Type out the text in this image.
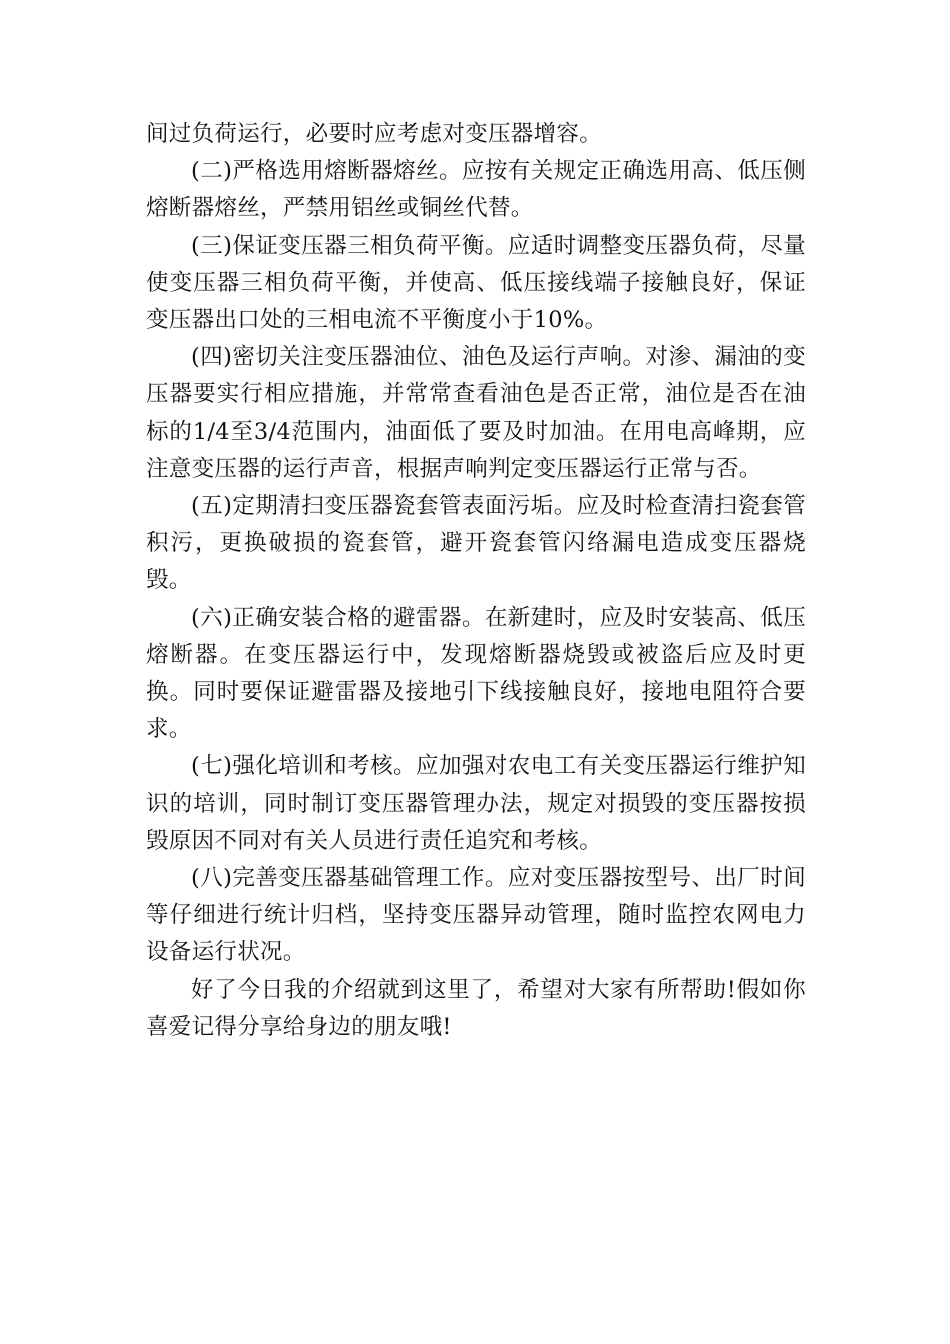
间过负荷运行，必要时应考虑对变压器增容。

(二)严格选用熔断器熔丝。应按有关规定正确选用高、低压侧熔断器熔丝，严禁用铝丝或铜丝代替。

(三)保证变压器三相负荷平衡。应适时调整变压器负荷，尽量使变压器三相负荷平衡，并使高、低压接线端子接触良好，保证变压器出口处的三相电流不平衡度小于10%。

(四)密切关注变压器油位、油色及运行声响。对渗、漏油的变压器要实行相应措施，并常常查看油色是否正常，油位是否在油标的1/4至3/4范围内，油面低了要及时加油。在用电高峰期，应注意变压器的运行声音，根据声响判定变压器运行正常与否。

(五)定期清扫变压器瓷套管表面污垢。应及时检查清扫瓷套管积污，更换破损的瓷套管，避开瓷套管闪络漏电造成变压器烧毁。

(六)正确安装合格的避雷器。在新建时，应及时安装高、低压熔断器。在变压器运行中，发现熔断器烧毁或被盗后应及时更换。同时要保证避雷器及接地引下线接触良好，接地电阻符合要求。

(七)强化培训和考核。应加强对农电工有关变压器运行维护知识的培训，同时制订变压器管理办法，规定对损毁的变压器按损毁原因不同对有关人员进行责任追究和考核。

(八)完善变压器基础管理工作。应对变压器按型号、出厂时间等仔细进行统计归档，坚持变压器异动管理，随时监控农网电力设备运行状况。

好了今日我的介绍就到这里了，希望对大家有所帮助!假如你喜爱记得分享给身边的朋友哦!
